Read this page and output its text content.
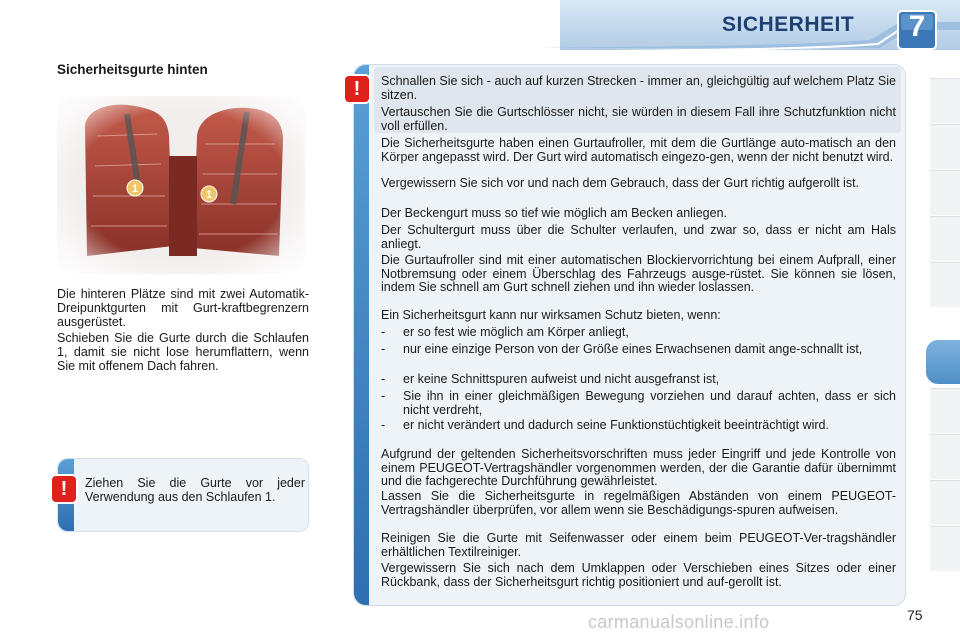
SICHERHEIT	7
Sicherheitsgurte hinten

Die hinteren Plätze sind mit zwei Automatik-Dreipunktgurten mit Gurt-kraftbegrenzern ausgerüstet.

Schieben Sie die Gurte durch die Schlaufen 1, damit sie nicht lose herumflattern, wenn Sie mit offenem Dach fahren.

!	Ziehen Sie die Gurte vor jeder Verwendung aus den Schlaufen 1.

!	Schnallen Sie sich - auch auf kurzen Strecken - immer an, gleichgültig auf welchem Platz Sie sitzen.

Vertauschen Sie die Gurtschlösser nicht, sie würden in diesem Fall ihre Schutzfunktion nicht voll erfüllen.

Die Sicherheitsgurte haben einen Gurtaufroller, mit dem die Gurtlänge auto-matisch an den Körper angepasst wird. Der Gurt wird automatisch eingezo-gen, wenn der nicht benutzt wird.

Vergewissern Sie sich vor und nach dem Gebrauch, dass der Gurt richtig aufgerollt ist.

Der Beckengurt muss so tief wie möglich am Becken anliegen.

Der Schultergurt muss über die Schulter verlaufen, und zwar so, dass er nicht am Hals anliegt.

Die Gurtaufroller sind mit einer automatischen Blockiervorrichtung bei einem Aufprall, einer Notbremsung oder einem Überschlag des Fahrzeugs ausge-rüstet. Sie können sie lösen, indem Sie schnell am Gurt schnell ziehen und ihn wieder loslassen.

Ein Sicherheitsgurt kann nur wirksamen Schutz bieten, wenn:

- er so fest wie möglich am Körper anliegt,
- nur eine einzige Person von der Größe eines Erwachsenen damit ange-schnallt ist,
- er keine Schnittspuren aufweist und nicht ausgefranst ist,
- Sie ihn in einer gleichmäßigen Bewegung vorziehen und darauf achten, dass er sich nicht verdreht,
- er nicht verändert und dadurch seine Funktionstüchtigkeit beeinträchtigt wird.

Aufgrund der geltenden Sicherheitsvorschriften muss jeder Eingriff und jede Kontrolle von einem PEUGEOT-Vertragshändler vorgenommen werden, der die Garantie dafür übernimmt und die fachgerechte Durchführung gewährleistet.

Lassen Sie die Sicherheitsgurte in regelmäßigen Abständen von einem PEUGEOT-Vertragshändler überprüfen, vor allem wenn sie Beschädigungs-spuren aufweisen.

Reinigen Sie die Gurte mit Seifenwasser oder einem beim PEUGEOT-Ver-tragshändler erhältlichen Textilreiniger.

Vergewissern Sie sich nach dem Umklappen oder Verschieben eines Sitzes oder einer Rückbank, dass der Sicherheitsgurt richtig positioniert und auf-gerollt ist.

carmanualsonline.info	75
